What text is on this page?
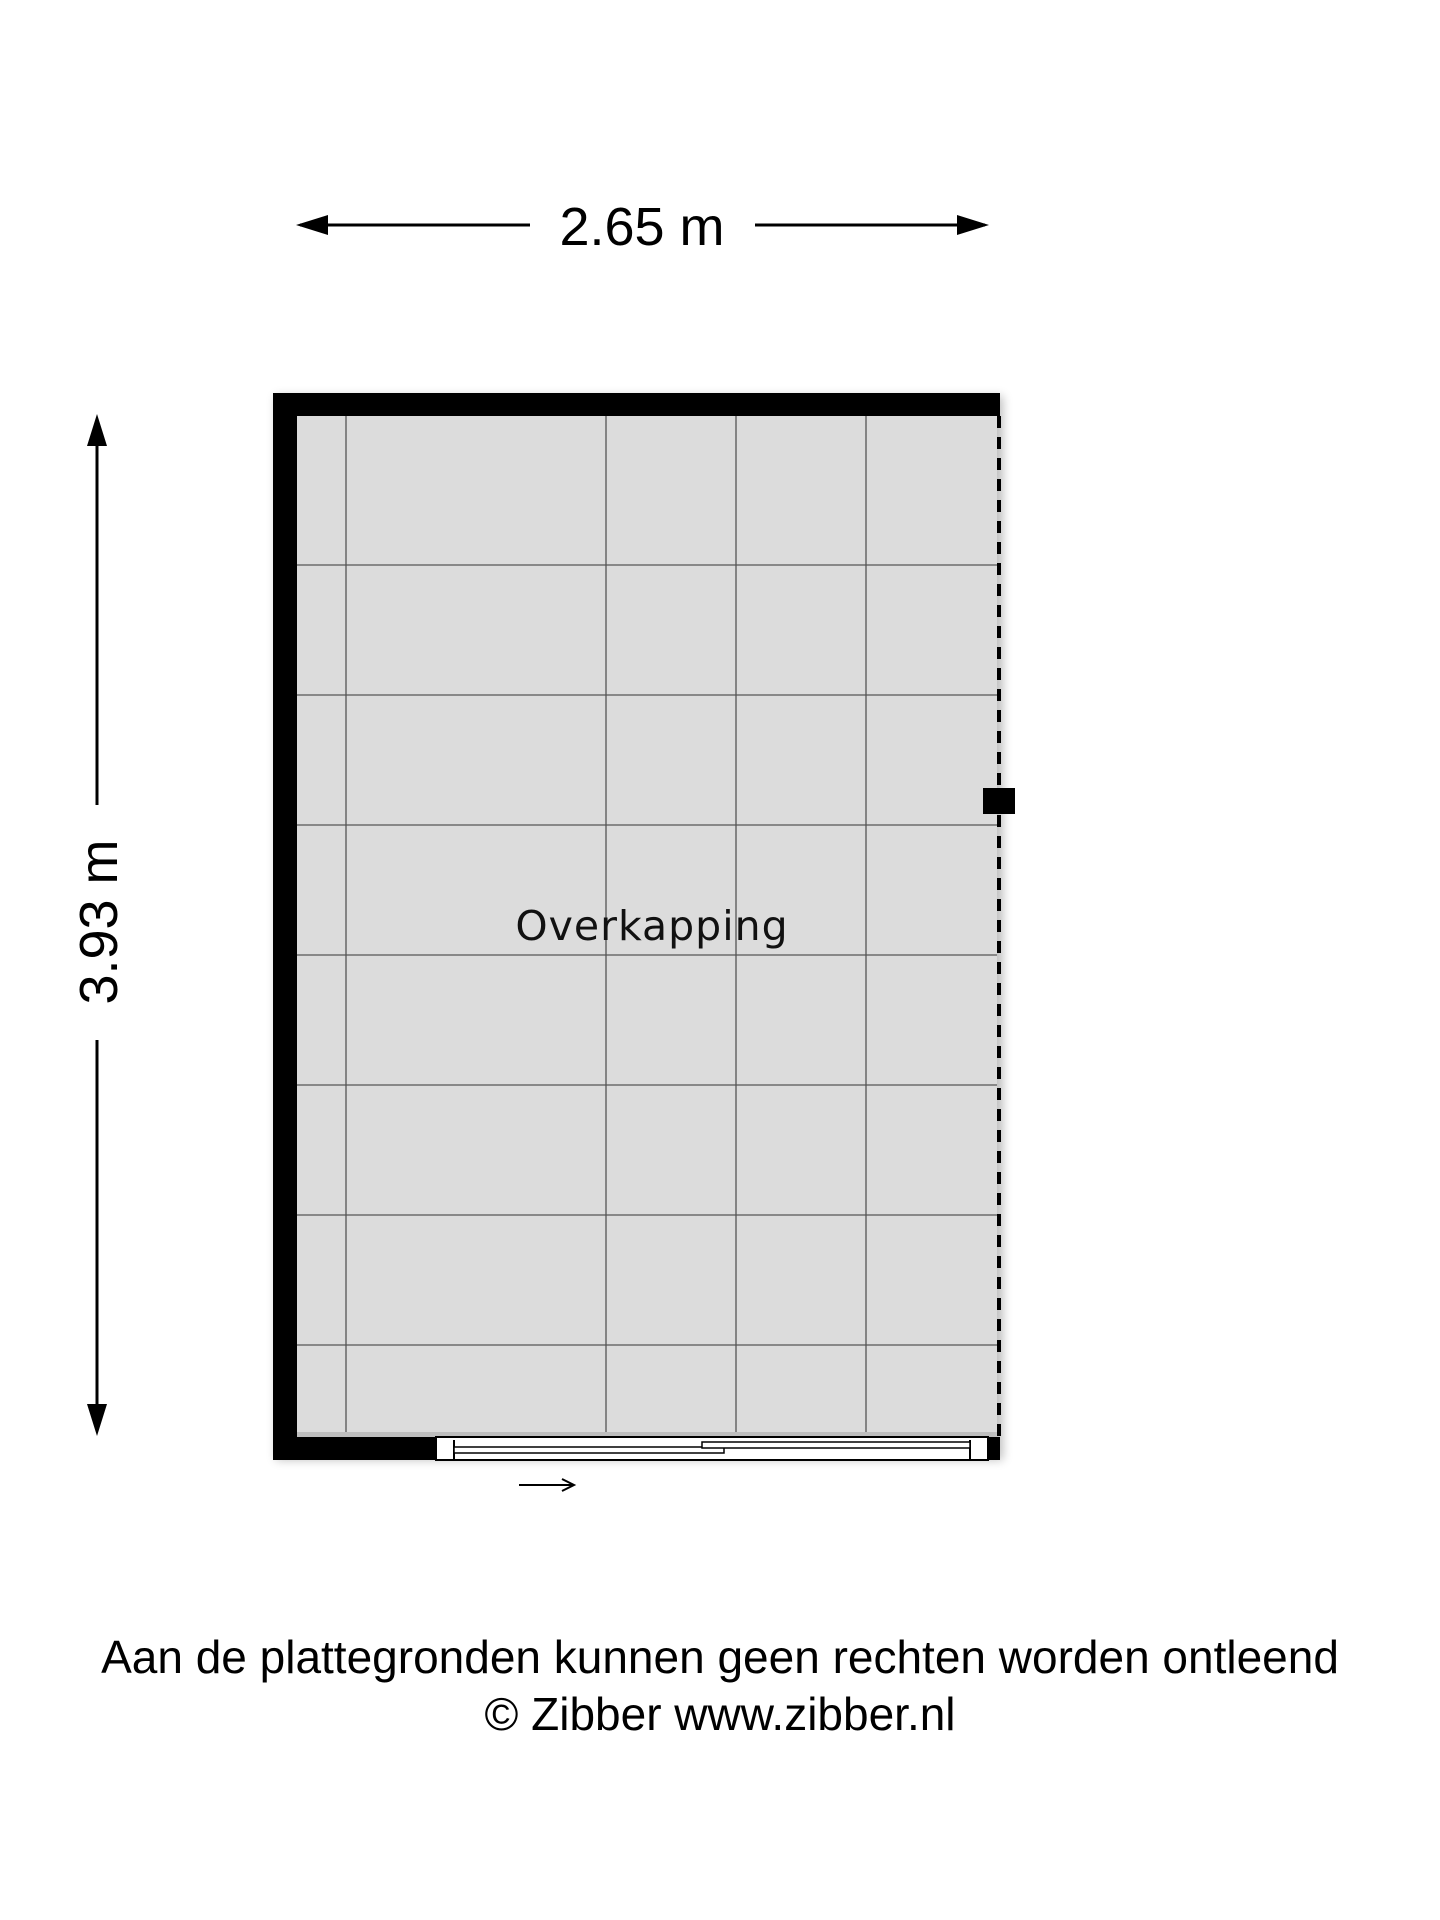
2.65 m
3.93 m	Overkapping
Aan de plattegronden kunnen geen rechten worden ontleend
© Zibber www.zibber.nl
